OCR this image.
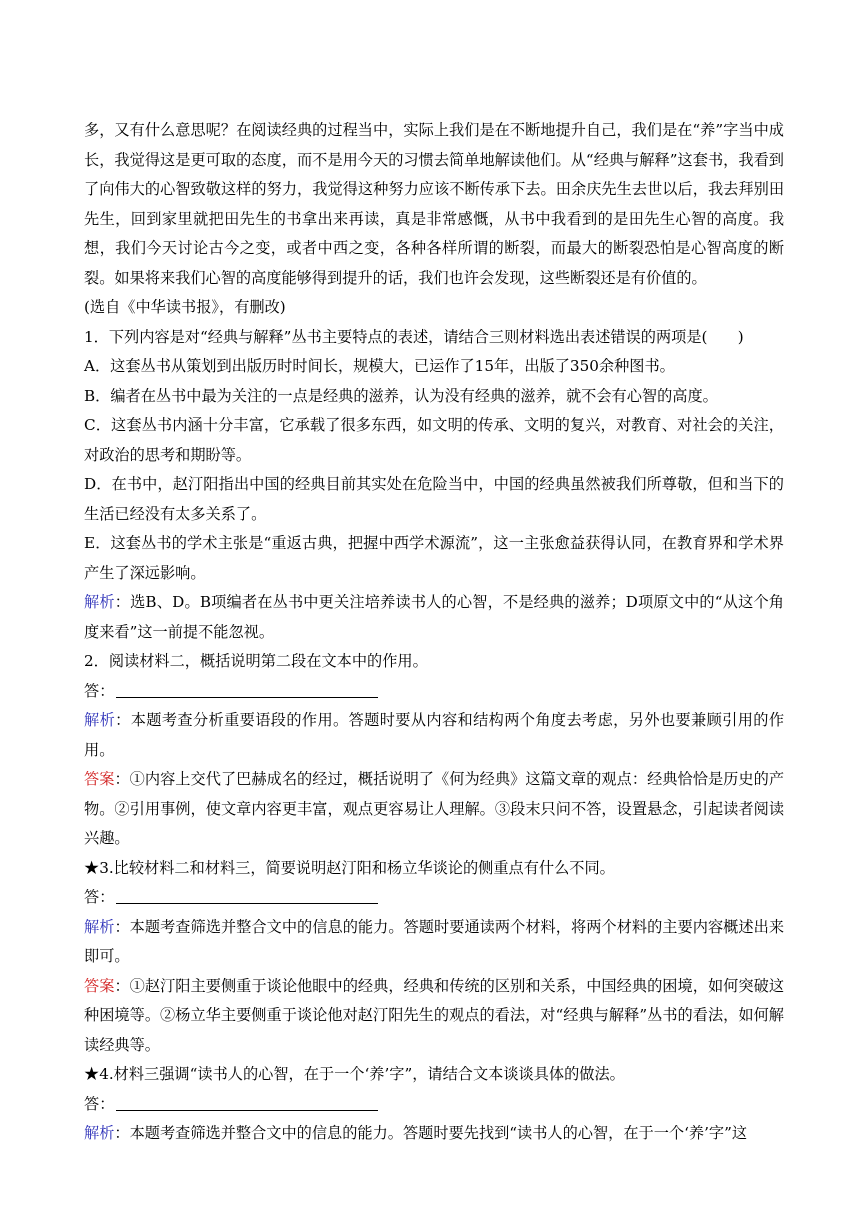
多，又有什么意思呢？在阅读经典的过程当中，实际上我们是在不断地提升自己，我们是在“养”字当中成长，我觉得这是更可取的态度，而不是用今天的习惯去简单地解读他们。从“经典与解释”这套书，我看到了向伟大的心智致敬这样的努力，我觉得这种努力应该不断传承下去。田余庆先生去世以后，我去拜别田先生，回到家里就把田先生的书拿出来再读，真是非常感慨，从书中我看到的是田先生心智的高度。我想，我们今天讨论古今之变，或者中西之变，各种各样所谓的断裂，而最大的断裂恐怕是心智高度的断裂。如果将来我们心智的高度能够得到提升的话，我们也许会发现，这些断裂还是有价值的。

(选自《中华读书报》，有删改)

1．下列内容是对“经典与解释”丛书主要特点的表述，请结合三则材料选出表述错误的两项是(　　)

A．这套丛书从策划到出版历时时间长，规模大，已运作了15年，出版了350余种图书。

B．编者在丛书中最为关注的一点是经典的滋养，认为没有经典的滋养，就不会有心智的高度。

C．这套丛书内涵十分丰富，它承载了很多东西，如文明的传承、文明的复兴，对教育、对社会的关注，对政治的思考和期盼等。

D．在书中，赵汀阳指出中国的经典目前其实处在危险当中，中国的经典虽然被我们所尊敬，但和当下的生活已经没有太多关系了。

E．这套丛书的学术主张是“重返古典，把握中西学术源流”，这一主张愈益获得认同，在教育界和学术界产生了深远影响。

解析：选B、D。B项编者在丛书中更关注培养读书人的心智，不是经典的滋养；D项原文中的“从这个角度来看”这一前提不能忽视。

2．阅读材料二，概括说明第二段在文本中的作用。

答：

解析：本题考查分析重要语段的作用。答题时要从内容和结构两个角度去考虑，另外也要兼顾引用的作用。

答案：①内容上交代了巴赫成名的经过，概括说明了《何为经典》这篇文章的观点：经典恰恰是历史的产物。②引用事例，使文章内容更丰富，观点更容易让人理解。③段末只问不答，设置悬念，引起读者阅读兴趣。

★3.比较材料二和材料三，简要说明赵汀阳和杨立华谈论的侧重点有什么不同。

答：

解析：本题考查筛选并整合文中的信息的能力。答题时要通读两个材料，将两个材料的主要内容概述出来即可。

答案：①赵汀阳主要侧重于谈论他眼中的经典，经典和传统的区别和关系，中国经典的困境，如何突破这种困境等。②杨立华主要侧重于谈论他对赵汀阳先生的观点的看法，对“经典与解释”丛书的看法，如何解读经典等。

★4.材料三强调“读书人的心智，在于一个‘养’字”，请结合文本谈谈具体的做法。

答：

解析：本题考查筛选并整合文中的信息的能力。答题时要先找到“读书人的心智，在于一个‘养’字”这
